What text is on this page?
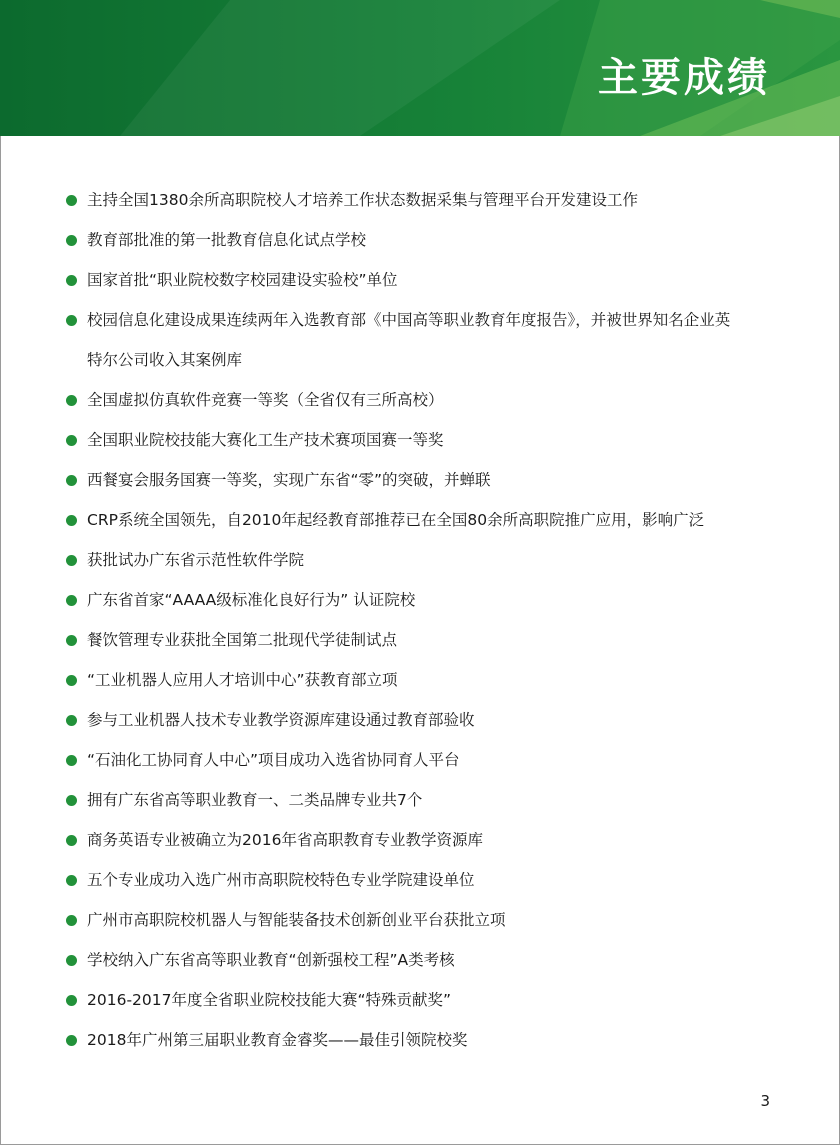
主要成绩
主持全国1380余所高职院校人才培养工作状态数据采集与管理平台开发建设工作
教育部批准的第一批教育信息化试点学校
国家首批“职业院校数字校园建设实验校”单位
校园信息化建设成果连续两年入选教育部《中国高等职业教育年度报告》，并被世界知名企业英
特尔公司收入其案例库
全国虚拟仿真软件竞赛一等奖（全省仅有三所高校）
全国职业院校技能大赛化工生产技术赛项国赛一等奖
西餐宴会服务国赛一等奖，实现广东省“零”的突破，并蝉联
CRP系统全国领先，自2010年起经教育部推荐已在全国80余所高职院推广应用，影响广泛
获批试办广东省示范性软件学院
广东省首家“AAAA级标准化良好行为” 认证院校
餐饮管理专业获批全国第二批现代学徒制试点
“工业机器人应用人才培训中心”获教育部立项
参与工业机器人技术专业教学资源库建设通过教育部验收
“石油化工协同育人中心”项目成功入选省协同育人平台
拥有广东省高等职业教育一、二类品牌专业共7个
商务英语专业被确立为2016年省高职教育专业教学资源库
五个专业成功入选广州市高职院校特色专业学院建设单位
广州市高职院校机器人与智能装备技术创新创业平台获批立项
学校纳入广东省高等职业教育“创新强校工程”A类考核
2016-2017年度全省职业院校技能大赛“特殊贡献奖”
2018年广州第三届职业教育金睿奖——最佳引领院校奖
3
